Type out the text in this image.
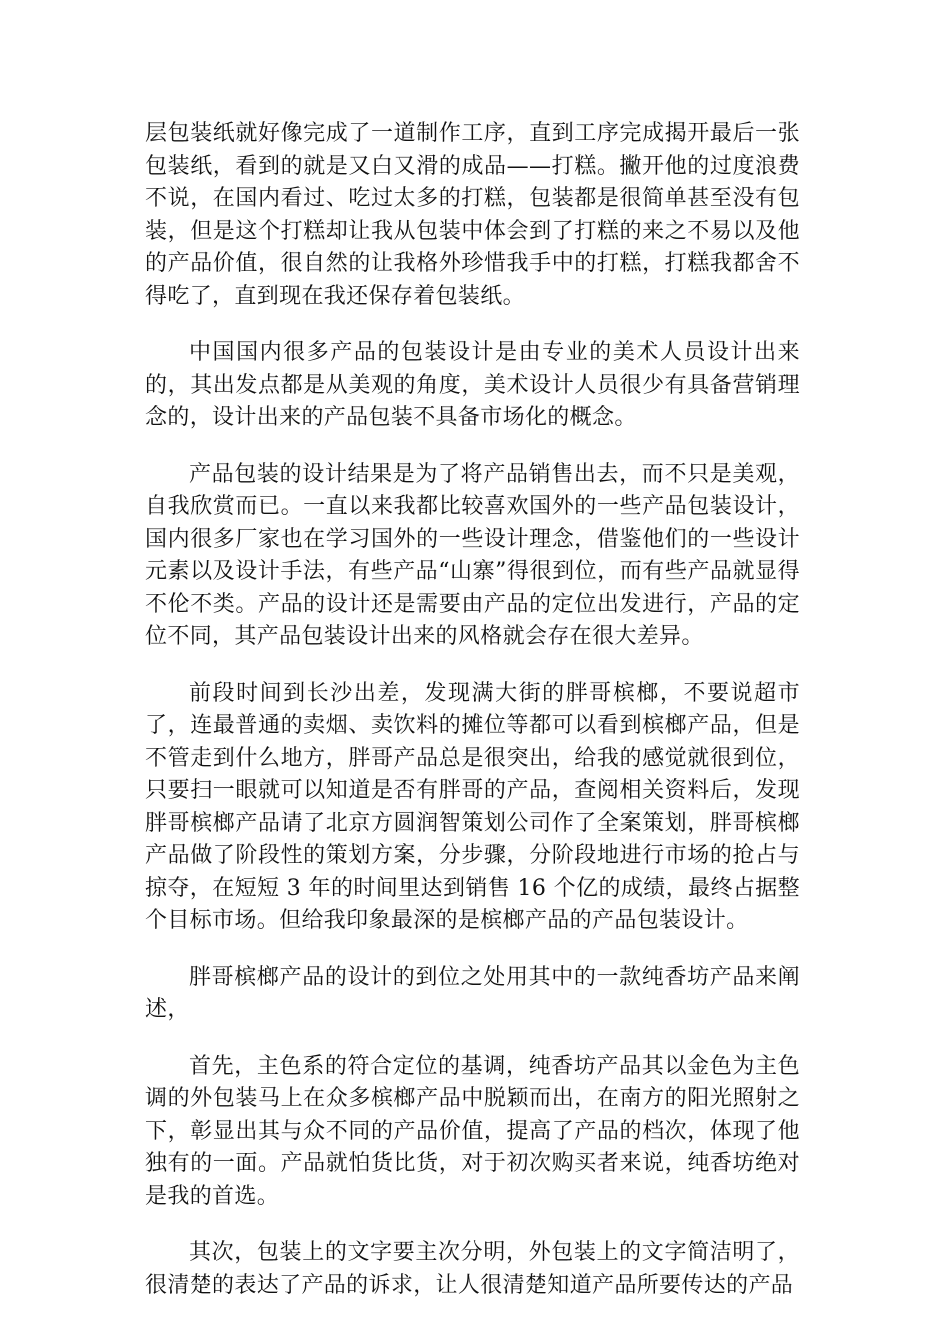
层包装纸就好像完成了一道制作工序，直到工序完成揭开最后一张包装纸，看到的就是又白又滑的成品——打糕。撇开他的过度浪费不说，在国内看过、吃过太多的打糕，包装都是很简单甚至没有包装，但是这个打糕却让我从包装中体会到了打糕的来之不易以及他的产品价值，很自然的让我格外珍惜我手中的打糕，打糕我都舍不得吃了，直到现在我还保存着包装纸。

中国国内很多产品的包装设计是由专业的美术人员设计出来的，其出发点都是从美观的角度，美术设计人员很少有具备营销理念的，设计出来的产品包装不具备市场化的概念。

产品包装的设计结果是为了将产品销售出去，而不只是美观，自我欣赏而已。一直以来我都比较喜欢国外的一些产品包装设计，国内很多厂家也在学习国外的一些设计理念，借鉴他们的一些设计元素以及设计手法，有些产品“山寨”得很到位，而有些产品就显得不伦不类。产品的设计还是需要由产品的定位出发进行，产品的定位不同，其产品包装设计出来的风格就会存在很大差异。

前段时间到长沙出差，发现满大街的胖哥槟榔，不要说超市了，连最普通的卖烟、卖饮料的摊位等都可以看到槟榔产品，但是不管走到什么地方，胖哥产品总是很突出，给我的感觉就很到位，只要扫一眼就可以知道是否有胖哥的产品，查阅相关资料后，发现胖哥槟榔产品请了北京方圆润智策划公司作了全案策划，胖哥槟榔产品做了阶段性的策划方案，分步骤，分阶段地进行市场的抢占与掠夺，在短短 3 年的时间里达到销售 16 个亿的成绩，最终占据整个目标市场。但给我印象最深的是槟榔产品的产品包装设计。

胖哥槟榔产品的设计的到位之处用其中的一款纯香坊产品来阐述，

首先，主色系的符合定位的基调，纯香坊产品其以金色为主色调的外包装马上在众多槟榔产品中脱颖而出，在南方的阳光照射之下，彰显出其与众不同的产品价值，提高了产品的档次，体现了他独有的一面。产品就怕货比货，对于初次购买者来说，纯香坊绝对是我的首选。

其次，包装上的文字要主次分明，外包装上的文字简洁明了，很清楚的表达了产品的诉求，让人很清楚知道产品所要传达的产品
